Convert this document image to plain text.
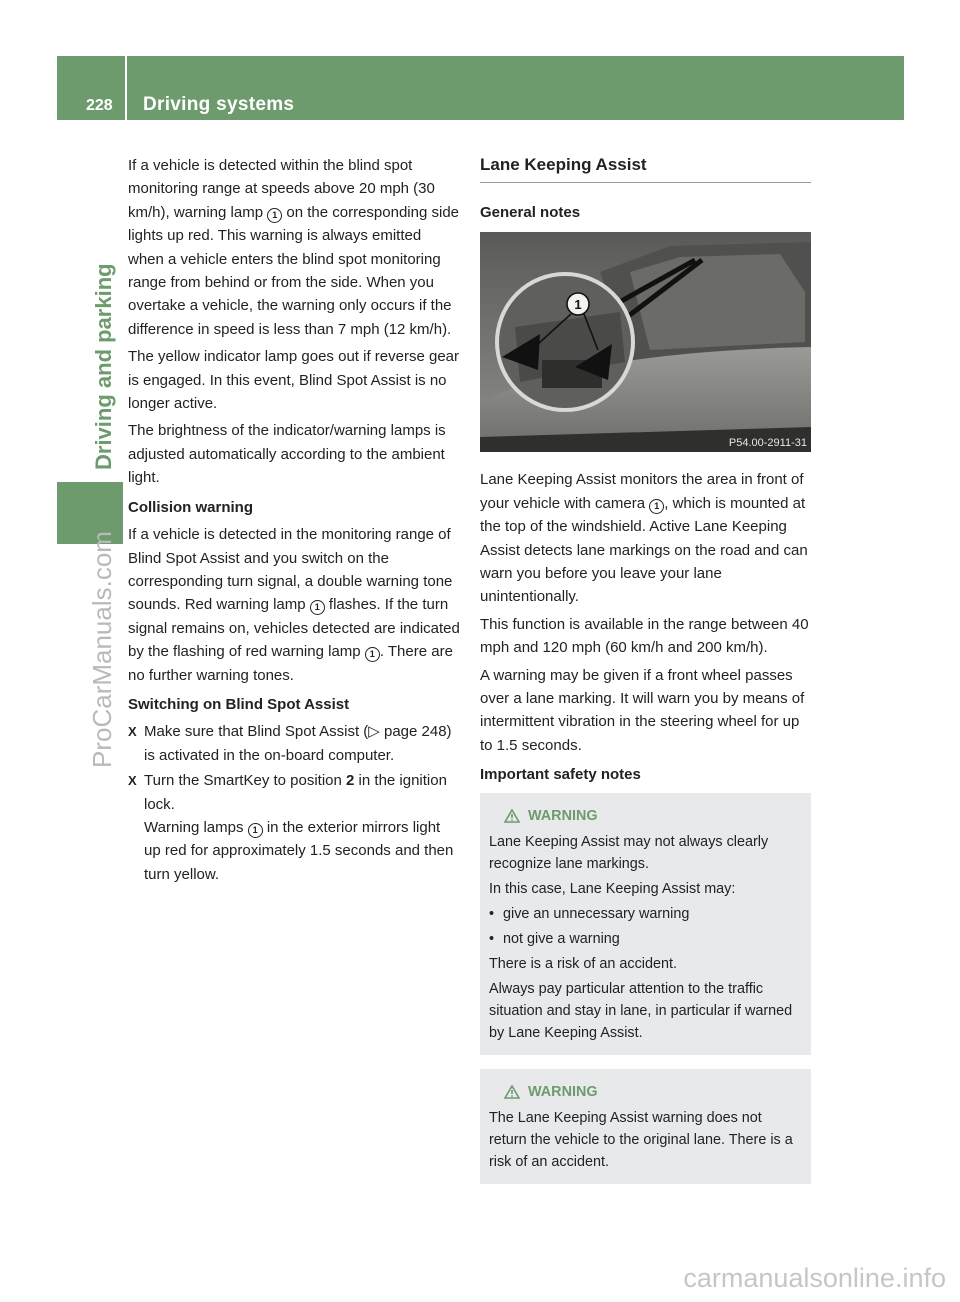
228 Driving systems
Driving and parking
ProCarManuals.com
carmanualsonline.info

If a vehicle is detected within the blind spot monitoring range at speeds above 20 mph (30 km/h), warning lamp 1 on the corresponding side lights up red. This warning is always emitted when a vehicle enters the blind spot monitoring range from behind or from the side. When you overtake a vehicle, the warning only occurs if the difference in speed is less than 7 mph (12 km/h).

The yellow indicator lamp goes out if reverse gear is engaged. In this event, Blind Spot Assist is no longer active.

The brightness of the indicator/warning lamps is adjusted automatically according to the ambient light.

Collision warning

If a vehicle is detected in the monitoring range of Blind Spot Assist and you switch on the corresponding turn signal, a double warning tone sounds. Red warning lamp 1 flashes. If the turn signal remains on, vehicles detected are indicated by the flashing of red warning lamp 1 . There are no further warning tones.

Switching on Blind Spot Assist
X Make sure that Blind Spot Assist (▷ page 248) is activated in the on-board computer.
X Turn the SmartKey to position 2 in the ignition lock.
Warning lamps 1 in the exterior mirrors light up red for approximately 1.5 seconds and then turn yellow.
Lane Keeping Assist
General notes
1
P54.00-2911-31

Lane Keeping Assist monitors the area in front of your vehicle with camera 1 , which is mounted at the top of the windshield. Active Lane Keeping Assist detects lane markings on the road and can warn you before you leave your lane unintentionally.

This function is available in the range between 40 mph and 120 mph (60 km/h and 200 km/h).

A warning may be given if a front wheel passes over a lane marking. It will warn you by means of intermittent vibration in the steering wheel for up to 1.5 seconds.

Important safety notes
WARNING

Lane Keeping Assist may not always clearly recognize lane markings.

In this case, Lane Keeping Assist may:

• give an unnecessary warning
• not give a warning

There is a risk of an accident.

Always pay particular attention to the traffic situation and stay in lane, in particular if warned by Lane Keeping Assist.

WARNING

The Lane Keeping Assist warning does not return the vehicle to the original lane. There is a risk of an accident.
